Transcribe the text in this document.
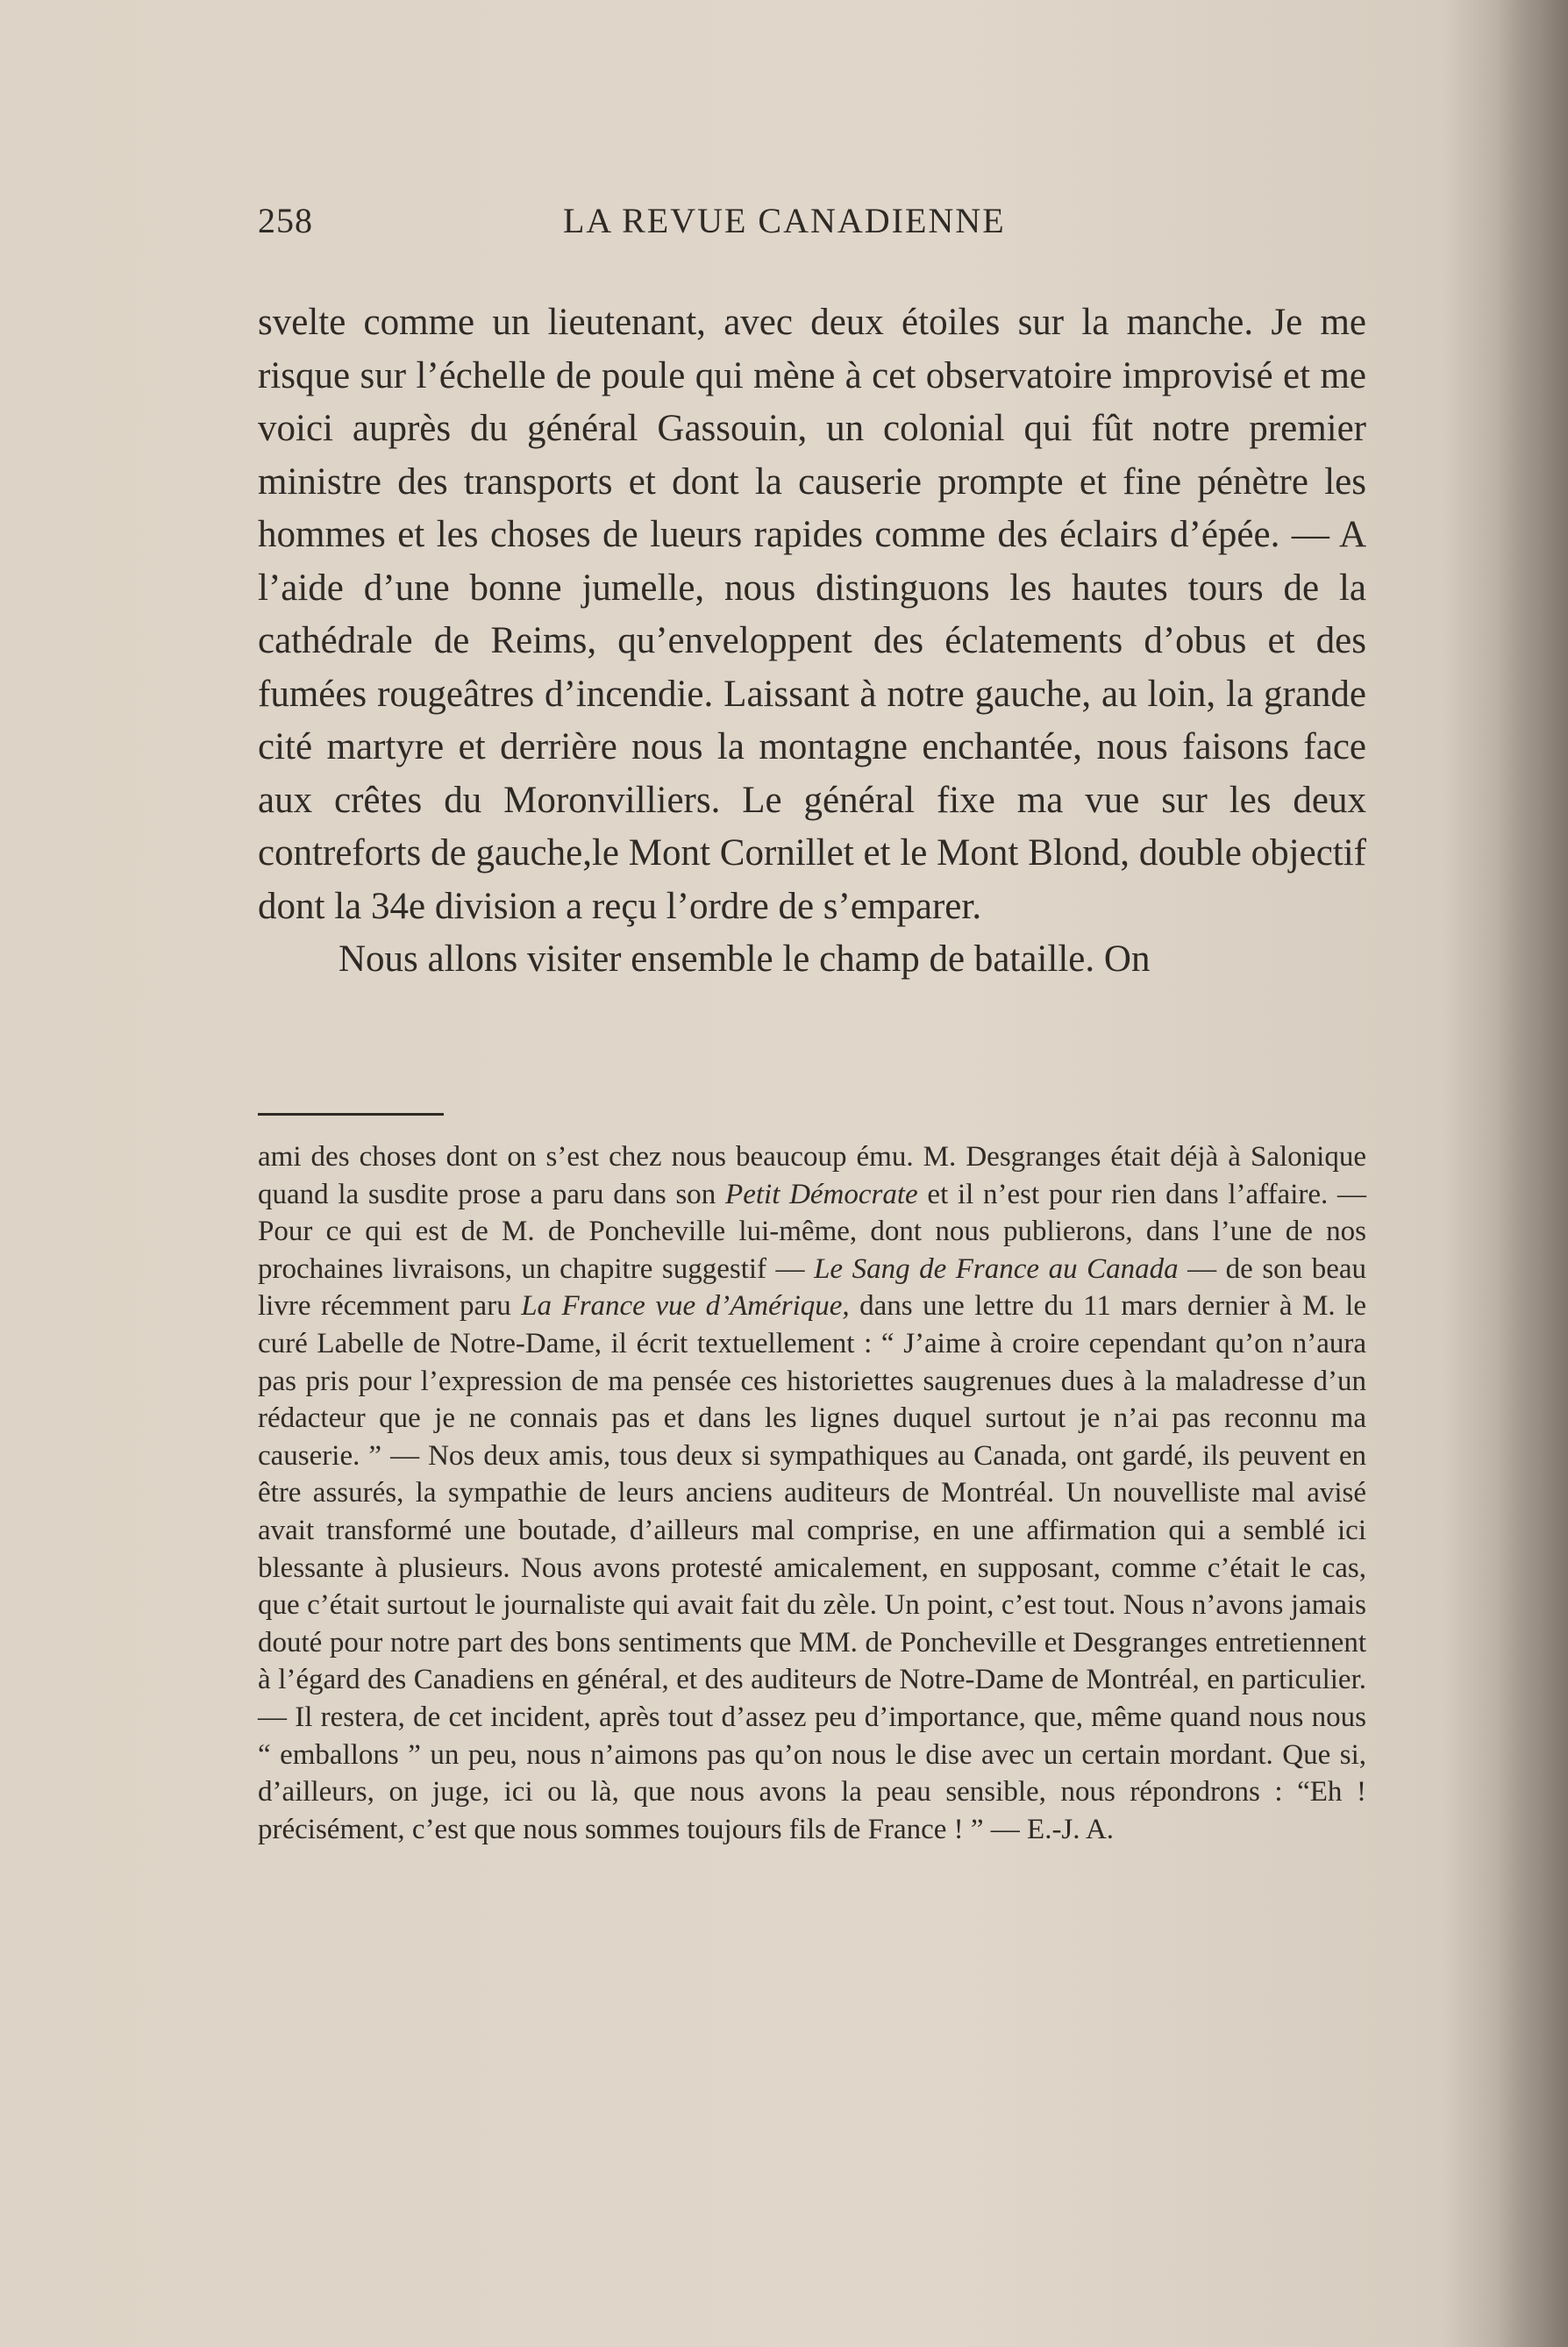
258	LA REVUE CANADIENNE

svelte comme un lieutenant, avec deux étoiles sur la manche. Je me risque sur l’échelle de poule qui mène à cet observatoire improvisé et me voici auprès du général Gassouin, un colonial qui fût notre premier ministre des transports et dont la causerie prompte et fine pénètre les hommes et les choses de lueurs rapides comme des éclairs d’épée. — A l’aide d’une bonne jumelle, nous distinguons les hautes tours de la cathédrale de Reims, qu’enveloppent des éclatements d’obus et des fumées rougeâtres d’incendie. Laissant à notre gauche, au loin, la grande cité martyre et derrière nous la montagne enchantée, nous faisons face aux crêtes du Moronvilliers. Le général fixe ma vue sur les deux contreforts de gauche,le Mont Cornillet et le Mont Blond, double objectif dont la 34e division a reçu l’ordre de s’emparer.

Nous allons visiter ensemble le champ de bataille. On

ami des choses dont on s’est chez nous beaucoup ému. M. Desgranges était déjà à Salonique quand la susdite prose a paru dans son Petit Démocrate et il n’est pour rien dans l’affaire. — Pour ce qui est de M. de Poncheville lui-même, dont nous publierons, dans l’une de nos prochaines livraisons, un chapitre suggestif — Le Sang de France au Canada — de son beau livre récemment paru La France vue d’Amérique, dans une lettre du 11 mars dernier à M. le curé Labelle de Notre-Dame, il écrit textuellement : “ J’aime à croire cependant qu’on n’aura pas pris pour l’expression de ma pensée ces historiettes saugrenues dues à la maladresse d’un rédacteur que je ne connais pas et dans les lignes duquel surtout je n’ai pas reconnu ma causerie. ” — Nos deux amis, tous deux si sympathiques au Canada, ont gardé, ils peuvent en être assurés, la sympathie de leurs anciens auditeurs de Montréal. Un nouvelliste mal avisé avait transformé une boutade, d’ailleurs mal comprise, en une affirmation qui a semblé ici blessante à plusieurs. Nous avons protesté amicalement, en supposant, comme c’était le cas, que c’était surtout le journaliste qui avait fait du zèle. Un point, c’est tout. Nous n’avons jamais douté pour notre part des bons sentiments que MM. de Poncheville et Desgranges entretiennent à l’égard des Canadiens en général, et des auditeurs de Notre-Dame de Montréal, en particulier. — Il restera, de cet incident, après tout d’assez peu d’importance, que, même quand nous nous “ emballons ” un peu, nous n’aimons pas qu’on nous le dise avec un certain mordant. Que si, d’ailleurs, on juge, ici ou là, que nous avons la peau sensible, nous répondrons : “Eh ! précisément, c’est que nous sommes toujours fils de France ! ” — E.-J. A.
